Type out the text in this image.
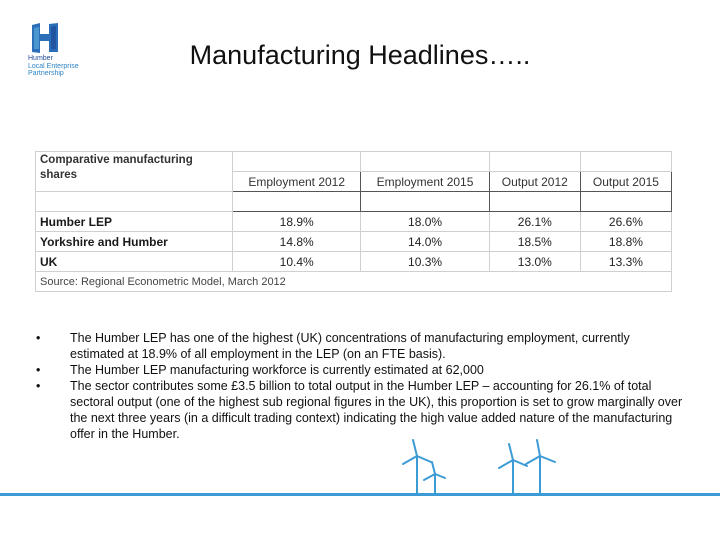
Humber
Local Enterprise
Partnership
Manufacturing Headlines…..
Comparative manufacturing
shares				

	Employment 2012	Employment 2015	Output 2012	Output 2015

Humber LEP	18.9%	18.0%	26.1%	26.6%
Yorkshire and Humber	14.8%	14.0%	18.5%	18.8%
UK	10.4%	10.3%	13.0%	13.3%
Source: Regional Econometric Model, March 2012				
•	The Humber LEP has one of the highest (UK) concentrations of manufacturing employment, currently estimated at 18.9% of all employment in the LEP (on an FTE basis).
•	The Humber LEP manufacturing workforce is currently estimated at 62,000
•	The sector contributes some £3.5 billion to total output in the Humber LEP – accounting for 26.1% of total sectoral output (one of the highest sub regional figures in the UK), this proportion is set to grow marginally over the next three years (in a difficult trading context) indicating the high value added nature of the manufacturing offer in the Humber.
